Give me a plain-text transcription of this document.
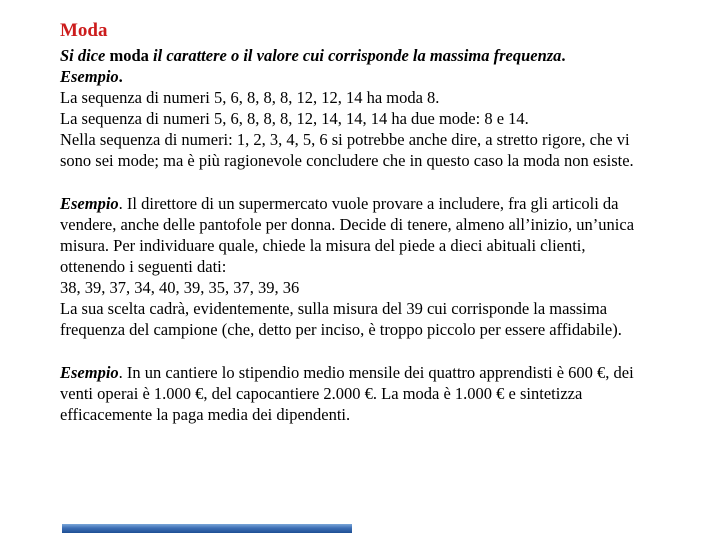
Moda
Si dice moda il carattere o il valore cui corrisponde la massima frequenza.
Esempio.
La sequenza di numeri 5, 6, 8, 8, 8, 12, 12, 14 ha moda 8.
La sequenza di numeri 5, 6, 8, 8, 8, 12, 14, 14, 14 ha due mode: 8 e 14.
Nella sequenza di numeri: 1, 2, 3, 4, 5, 6 si potrebbe anche dire, a stretto rigore, che vi
sono sei mode; ma è più ragionevole concludere che in questo caso la moda non esiste.
Esempio. Il direttore di un supermercato vuole provare a includere, fra gli articoli da
vendere, anche delle pantofole per donna. Decide di tenere, almeno all’inizio, un’unica
misura. Per individuare quale, chiede la misura del piede a dieci abituali clienti,
ottenendo i seguenti dati:
38, 39, 37, 34, 40, 39, 35, 37, 39, 36
La sua scelta cadrà, evidentemente, sulla misura del 39 cui corrisponde la massima
frequenza del campione (che, detto per inciso, è troppo piccolo per essere affidabile).
Esempio. In un cantiere lo stipendio medio mensile dei quattro apprendisti è 600 €, dei
venti operai è 1.000 €, del capocantiere 2.000 €. La moda è 1.000 € e sintetizza
efficacemente la paga media dei dipendenti.
